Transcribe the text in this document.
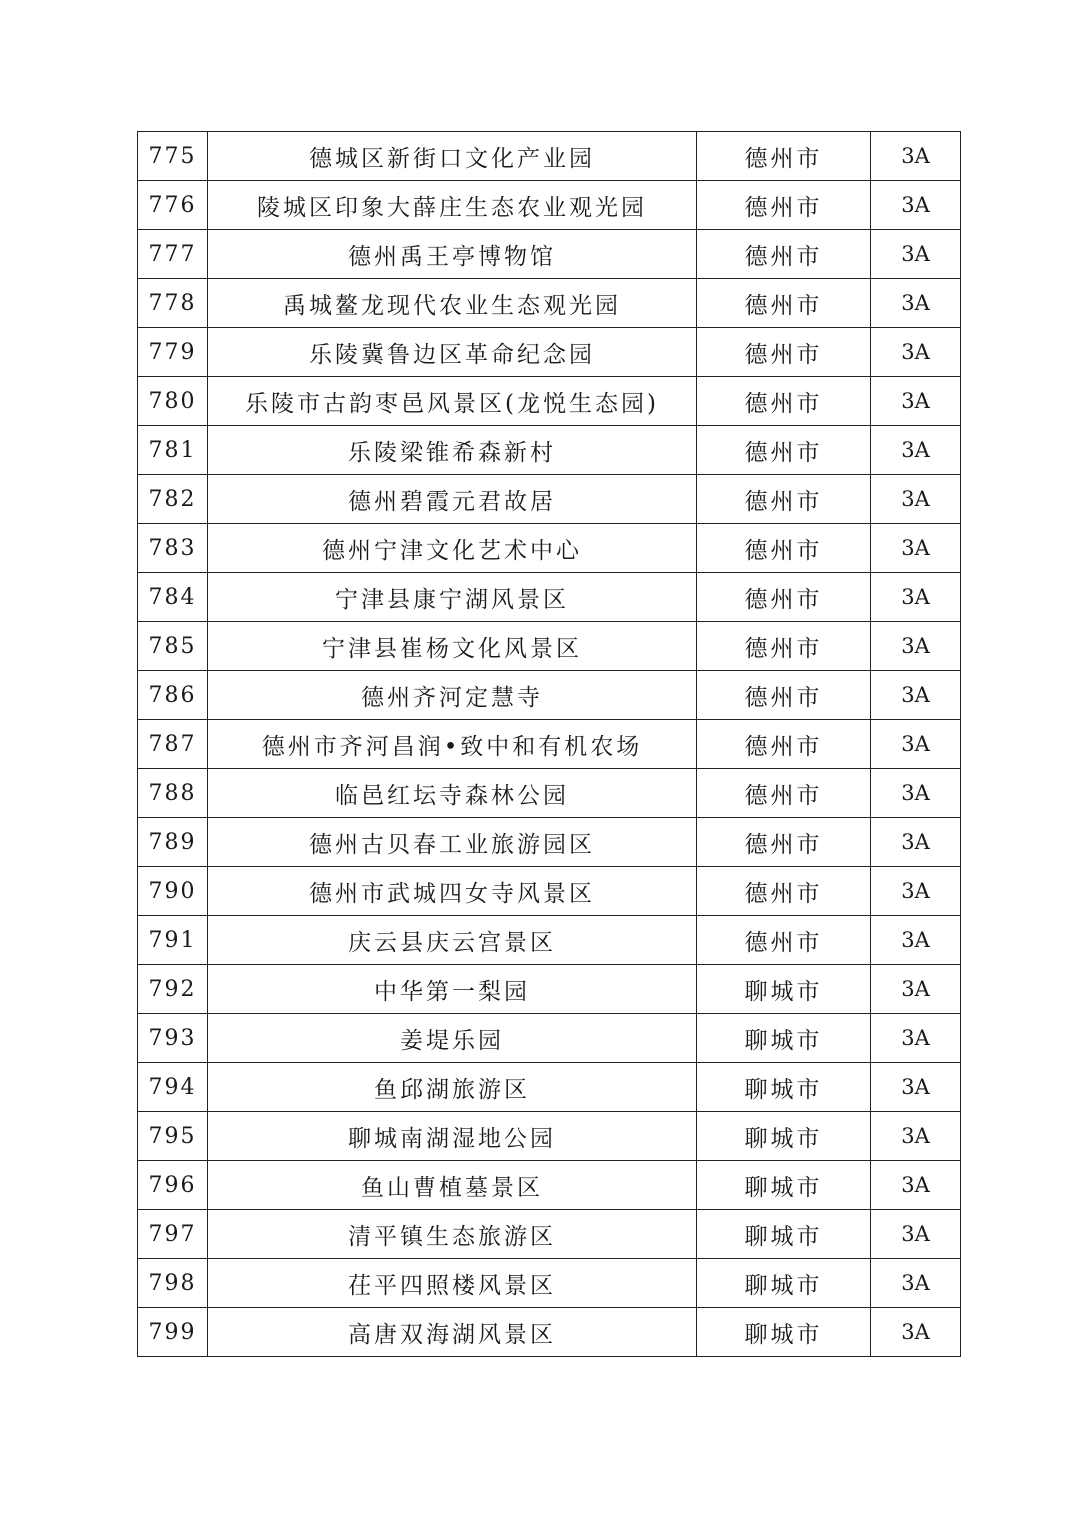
775	德城区新街口文化产业园	德州市	3A
776	陵城区印象大薛庄生态农业观光园	德州市	3A
777	德州禹王亭博物馆	德州市	3A
778	禹城鳌龙现代农业生态观光园	德州市	3A
779	乐陵冀鲁边区革命纪念园	德州市	3A
780	乐陵市古韵枣邑风景区(龙悦生态园)	德州市	3A
781	乐陵梁锥希森新村	德州市	3A
782	德州碧霞元君故居	德州市	3A
783	德州宁津文化艺术中心	德州市	3A
784	宁津县康宁湖风景区	德州市	3A
785	宁津县崔杨文化风景区	德州市	3A
786	德州齐河定慧寺	德州市	3A
787	德州市齐河昌润•致中和有机农场	德州市	3A
788	临邑红坛寺森林公园	德州市	3A
789	德州古贝春工业旅游园区	德州市	3A
790	德州市武城四女寺风景区	德州市	3A
791	庆云县庆云宫景区	德州市	3A
792	中华第一梨园	聊城市	3A
793	姜堤乐园	聊城市	3A
794	鱼邱湖旅游区	聊城市	3A
795	聊城南湖湿地公园	聊城市	3A
796	鱼山曹植墓景区	聊城市	3A
797	清平镇生态旅游区	聊城市	3A
798	茌平四照楼风景区	聊城市	3A
799	高唐双海湖风景区	聊城市	3A
